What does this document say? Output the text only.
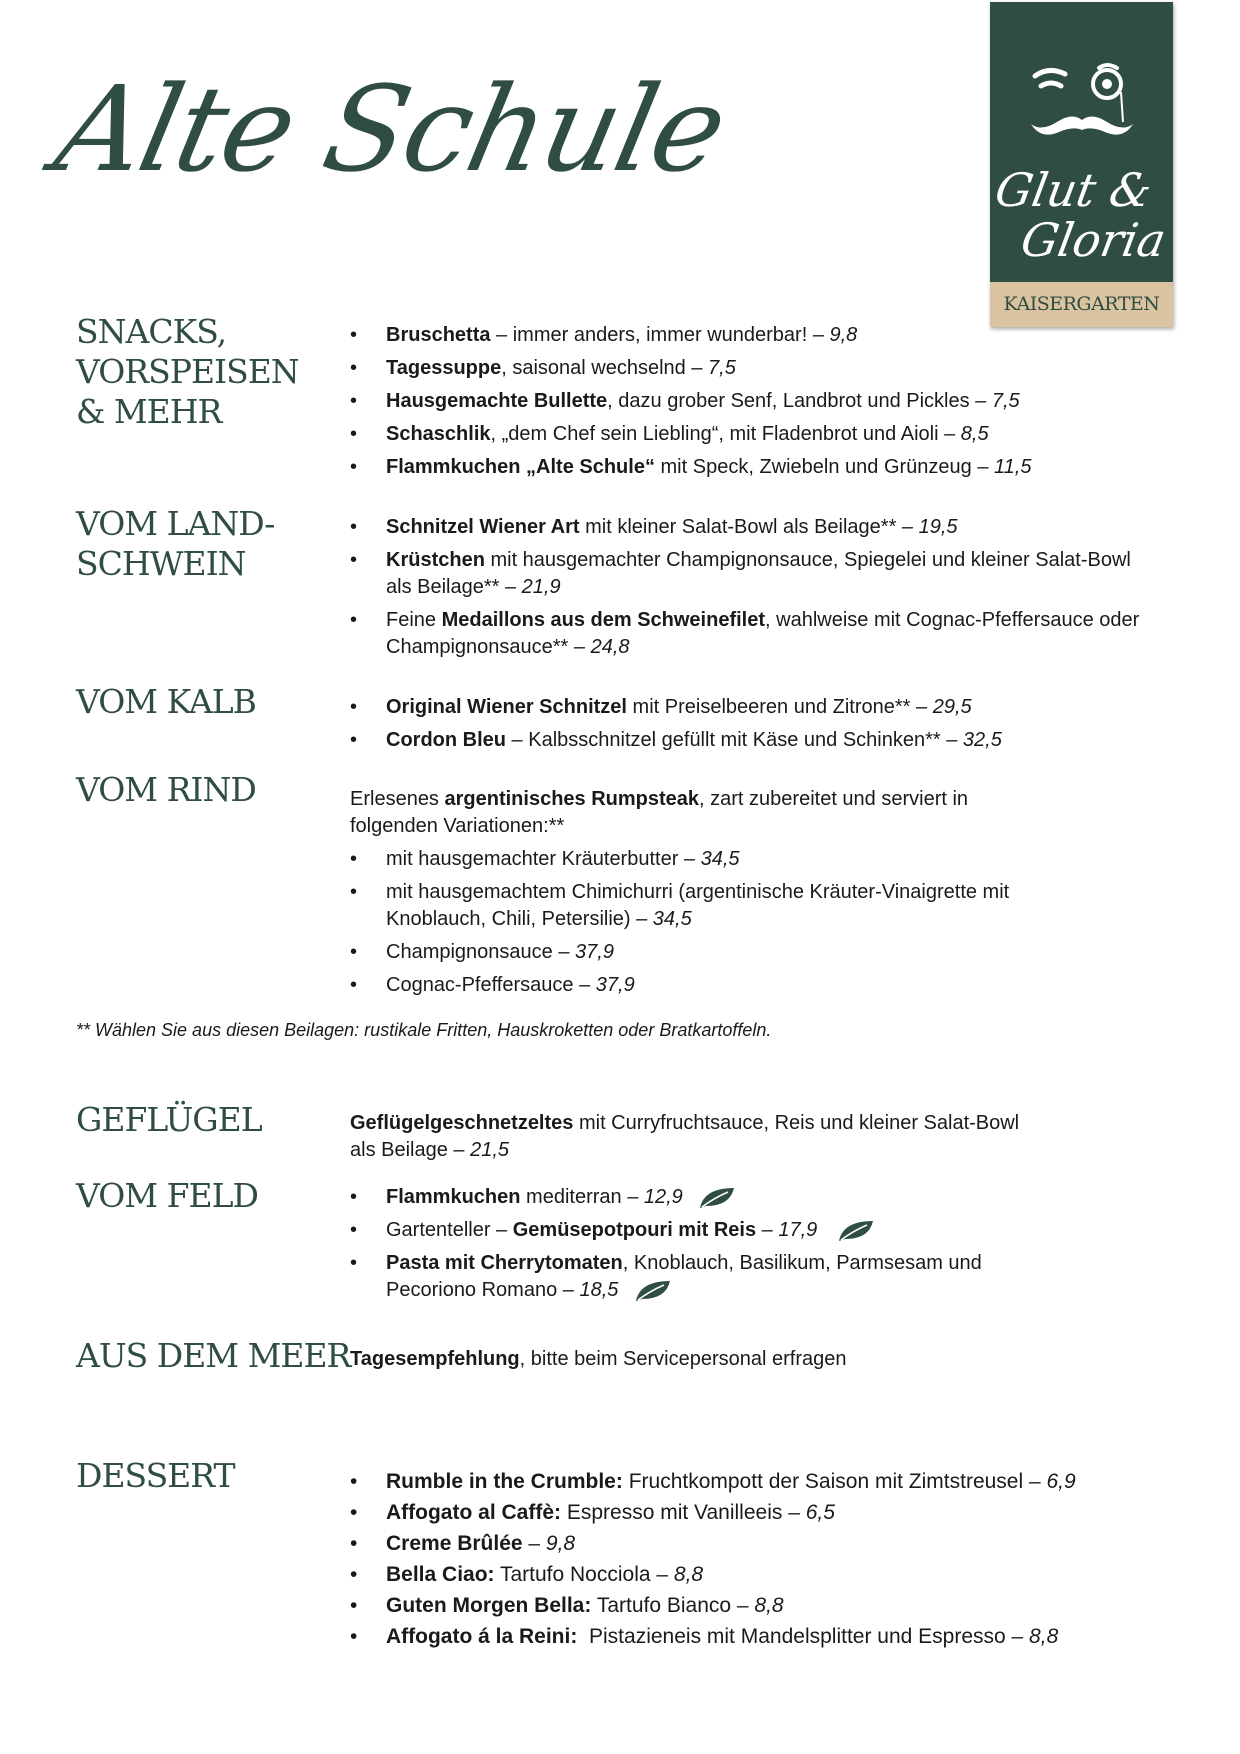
Alte Schule	Glut &
Gloria
KAISERGARTEN
SNACKS,
VORSPEISEN
& MEHR
• Bruschetta – immer anders, immer wunderbar! – 9,8
• Tagessuppe, saisonal wechselnd – 7,5
• Hausgemachte Bullette, dazu grober Senf, Landbrot und Pickles – 7,5
• Schaschlik, „dem Chef sein Liebling“, mit Fladenbrot und Aioli – 8,5
• Flammkuchen „Alte Schule“ mit Speck, Zwiebeln und Grünzeug – 11,5
VOM LAND-
SCHWEIN
• Schnitzel Wiener Art mit kleiner Salat-Bowl als Beilage** – 19,5
• Krüstchen mit hausgemachter Champignonsauce, Spiegelei und kleiner Salat-Bowl als Beilage** – 21,9
• Feine Medaillons aus dem Schweinefilet, wahlweise mit Cognac-Pfeffersauce oder Champignonsauce** – 24,8
VOM KALB	• Original Wiener Schnitzel mit Preiselbeeren und Zitrone** – 29,5
• Cordon Bleu – Kalbsschnitzel gefüllt mit Käse und Schinken** – 32,5
VOM RIND	Erlesenes argentinisches Rumpsteak, zart zubereitet und serviert in folgenden Variationen:**
• mit hausgemachter Kräuterbutter – 34,5
• mit hausgemachtem Chimichurri (argentinische Kräuter-Vinaigrette mit Knoblauch, Chili, Petersilie) – 34,5
• Champignonsauce – 37,9
• Cognac-Pfeffersauce – 37,9
** Wählen Sie aus diesen Beilagen: rustikale Fritten, Hauskroketten oder Bratkartoffeln.
GEFLÜGEL	Geflügelgeschnetzeltes mit Curryfruchtsauce, Reis und kleiner Salat-Bowl als Beilage – 21,5
VOM FELD	• Flammkuchen mediterran – 12,9
• Gartenteller – Gemüsepotpouri mit Reis – 17,9
• Pasta mit Cherrytomaten, Knoblauch, Basilikum, Parmsesam und Pecoriono Romano – 18,5
AUS DEM MEER Tagesempfehlung, bitte beim Servicepersonal erfragen
DESSERT	• Rumble in the Crumble: Fruchtkompott der Saison mit Zimtstreusel – 6,9
• Affogato al Caffè: Espresso mit Vanilleeis – 6,5
• Creme Brûlée – 9,8
• Bella Ciao: Tartufo Nocciola – 8,8
• Guten Morgen Bella: Tartufo Bianco – 8,8
• Affogato á la Reini:  Pistazieneis mit Mandelsplitter und Espresso – 8,8
